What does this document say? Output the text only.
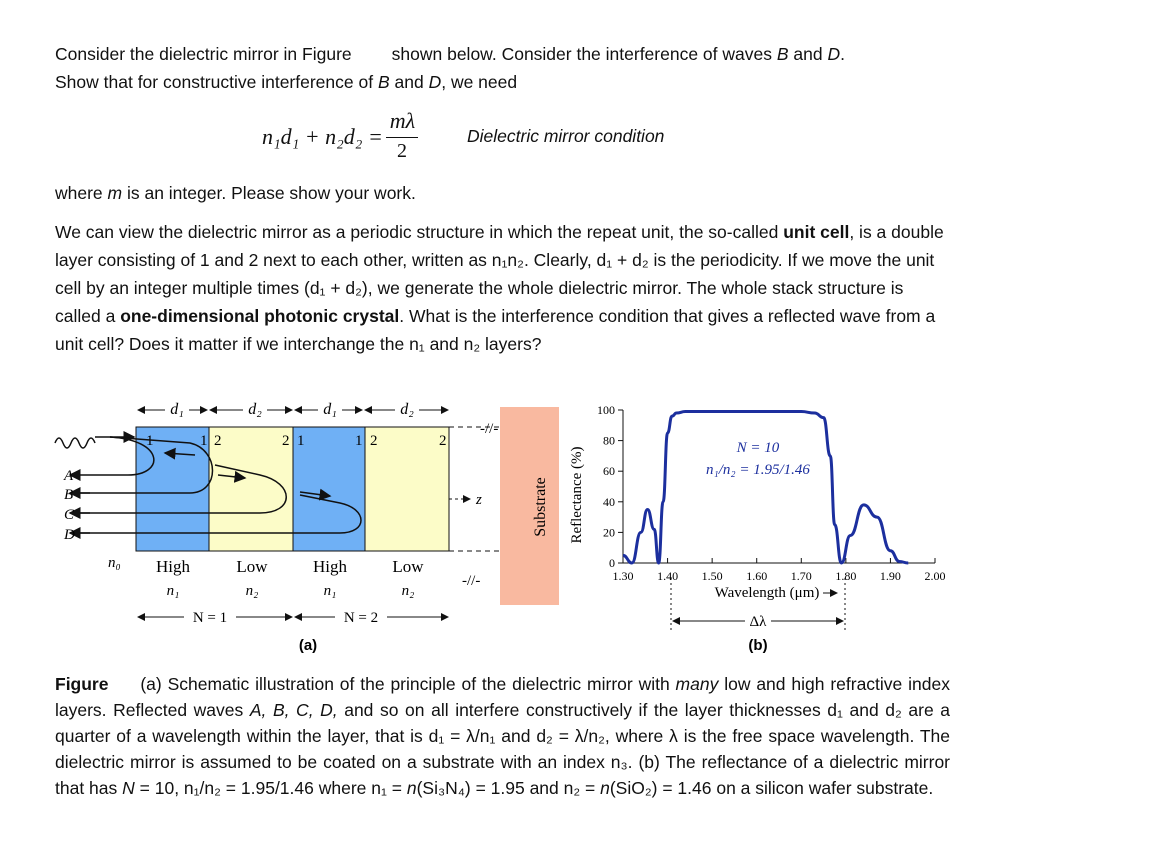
Consider the dielectric mirror in Figure shown below. Consider the interference of waves B and D.
Show that for constructive interference of B and D, we need
n₁d₁ + n₂d₂ =
mλ
2
Dielectric mirror condition
where m is an integer. Please show your work.
We can view the dielectric mirror as a periodic structure in which the repeat unit, the so-called unit cell, is a double layer consisting of 1 and 2 next to each other, written as n₁n₂. Clearly, d₁ + d₂ is the periodicity. If we move the unit cell by an integer multiple times (d₁ + d₂), we generate the whole dielectric mirror. The whole stack structure is called a one-dimensional photonic crystal. What is the interference condition that gives a reflected wave from a unit cell? Does it matter if we interchange the n₁ and n₂ layers?
d₁	d₂	d₁	d₂
-//-
-//-
1	1 2	2 1	1 2	2
A
B
C
D
z	Substrate
n₀ High	Low	High	Low
n₁	n₂	n₁	n₂
N = 1	N = 2
(a)
Reflectance (%)
0
20
40
60
80
100
1.30 1.40 1.50 1.60 1.70 1.80 1.90 2.00
Wavelength (μm)
Δλ
N = 10
n₁/n₂ = 1.95/1.46
(b)
Figure (a) Schematic illustration of the principle of the dielectric mirror with many low and high refractive index layers. Reflected waves A, B, C, D, and so on all interfere constructively if the layer thicknesses d₁ and d₂ are a quarter of a wavelength within the layer, that is d₁ = λ/n₁ and d₂ = λ/n₂, where λ is the free space wavelength. The dielectric mirror is assumed to be coated on a substrate with an index n₃. (b) The reflectance of a dielectric mirror that has N = 10, n₁/n₂ = 1.95/1.46 where n₁ = n(Si₃N₄) = 1.95 and n₂ = n(SiO₂) = 1.46 on a silicon wafer substrate.
